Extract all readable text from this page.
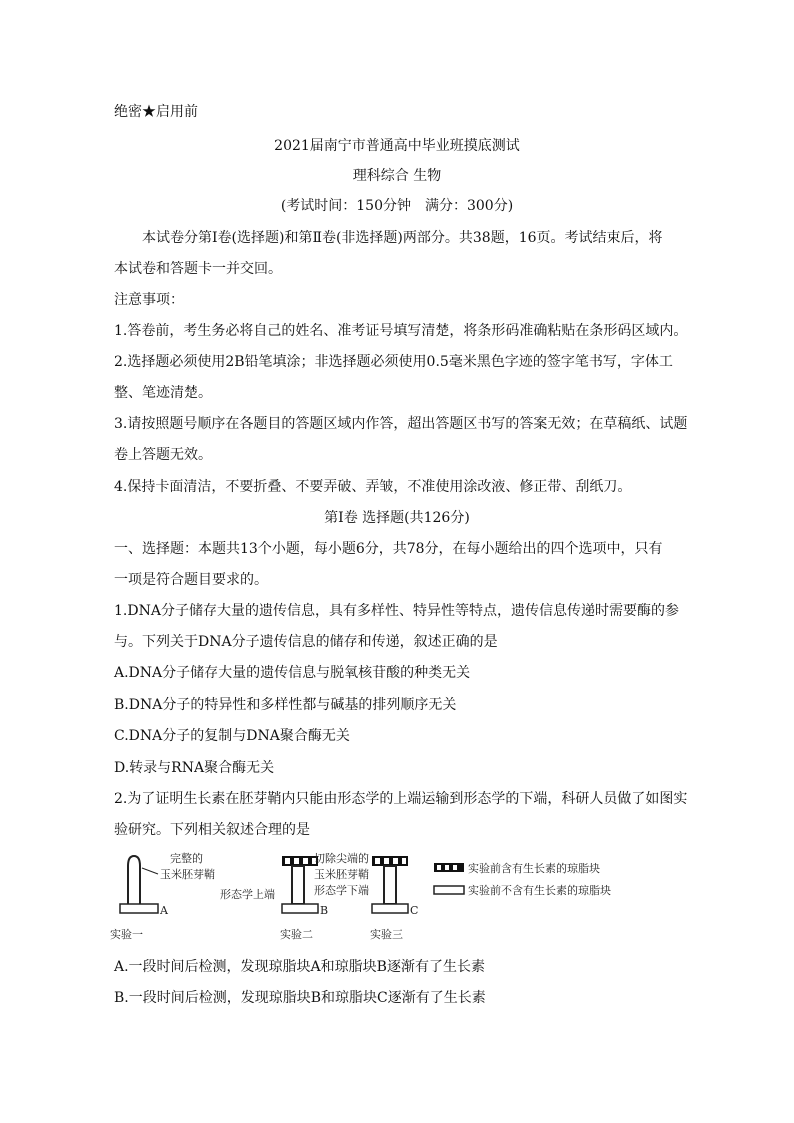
绝密★启用前
2021届南宁市普通高中毕业班摸底测试
理科综合 生物
(考试时间：150分钟　满分：300分)
本试卷分第Ⅰ卷(选择题)和第Ⅱ卷(非选择题)两部分。共38题，16页。考试结束后，将
本试卷和答题卡一并交回。
注意事项：
1.答卷前，考生务必将自己的姓名、准考证号填写清楚，将条形码准确粘贴在条形码区域内。
2.选择题必须使用2B铅笔填涂；非选择题必须使用0.5毫米黑色字迹的签字笔书写，字体工
整、笔迹清楚。
3.请按照题号顺序在各题目的答题区域内作答，超出答题区书写的答案无效；在草稿纸、试题
卷上答题无效。
4.保持卡面清洁，不要折叠、不要弄破、弄皱，不准使用涂改液、修正带、刮纸刀。
第Ⅰ卷 选择题(共126分)
一、选择题：本题共13个小题，每小题6分，共78分，在每小题给出的四个选项中，只有
一项是符合题目要求的。
1.DNA分子储存大量的遗传信息，具有多样性、特异性等特点，遗传信息传递时需要酶的参
与。下列关于DNA分子遗传信息的储存和传递，叙述正确的是
A.DNA分子储存大量的遗传信息与脱氧核苷酸的种类无关
B.DNA分子的特异性和多样性都与碱基的排列顺序无关
C.DNA分子的复制与DNA聚合酶无关
D.转录与RNA聚合酶无关
2.为了证明生长素在胚芽鞘内只能由形态学的上端运输到形态学的下端，科研人员做了如图实
验研究。下列相关叙述合理的是
A
完整的
玉米胚芽鞘
实验一
B
形态学上端
实验二
切除尖端的
玉米胚芽鞘
形态学下端
C
实验三
实验前含有生长素的琼脂块
实验前不含有生长素的琼脂块
A.一段时间后检测，发现琼脂块A和琼脂块B逐渐有了生长素
B.一段时间后检测，发现琼脂块B和琼脂块C逐渐有了生长素
